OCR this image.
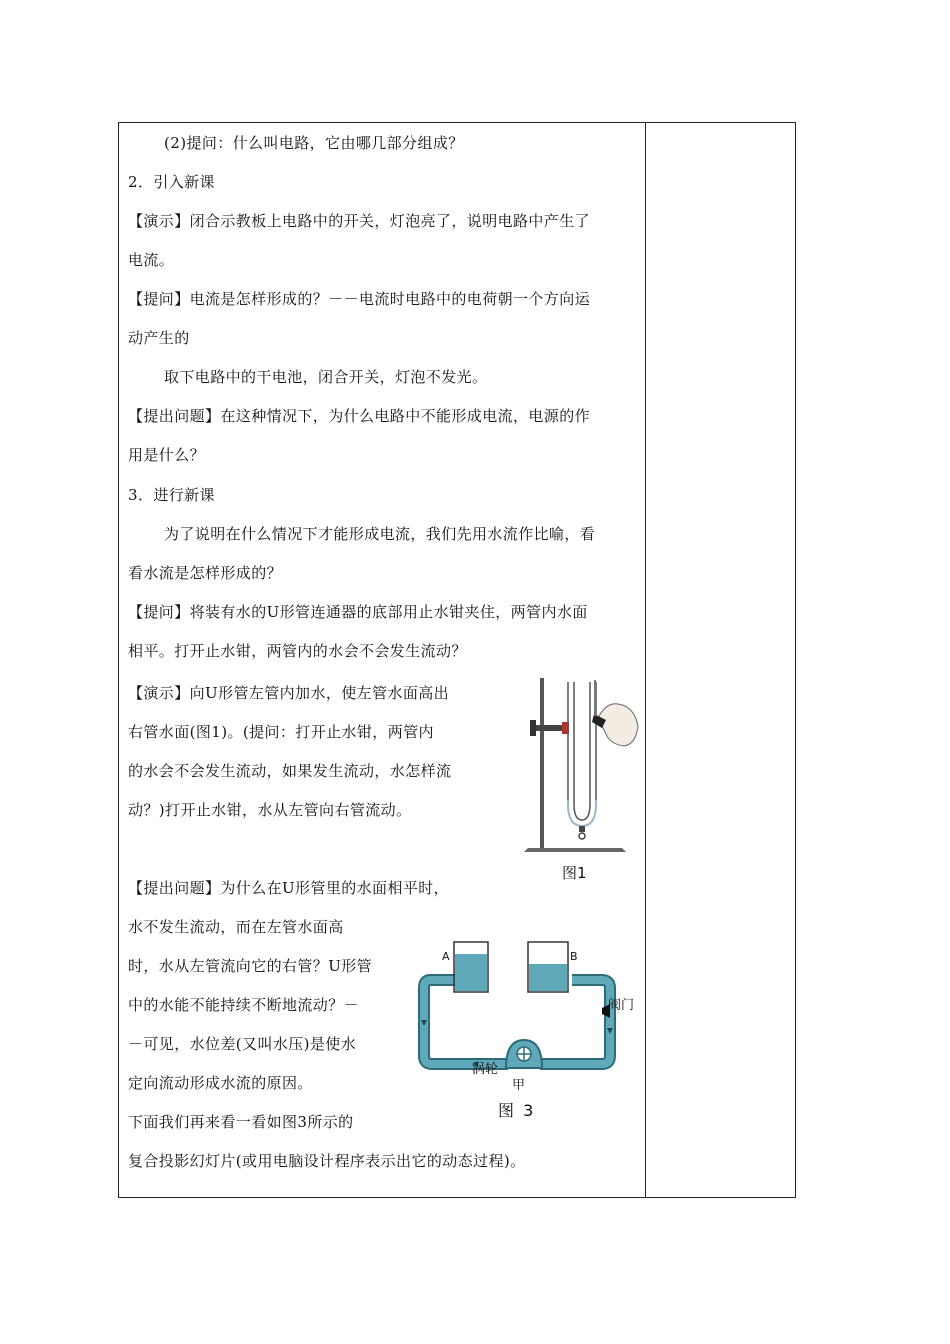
(2)提问：什么叫电路，它由哪几部分组成？
2．引入新课
【演示】闭合示教板上电路中的开关，灯泡亮了，说明电路中产生了
电流。
【提问】电流是怎样形成的？－－电流时电路中的电荷朝一个方向运
动产生的
取下电路中的干电池，闭合开关，灯泡不发光。
【提出问题】在这种情况下，为什么电路中不能形成电流，电源的作
用是什么？
3．进行新课
为了说明在什么情况下才能形成电流，我们先用水流作比喻，看
看水流是怎样形成的？
【提问】将装有水的U形管连通器的底部用止水钳夹住，两管内水面
相平。打开止水钳，两管内的水会不会发生流动？
【演示】向U形管左管内加水，使左管水面高出
右管水面(图1)。(提问：打开止水钳，两管内
的水会不会发生流动，如果发生流动，水怎样流
动？)打开止水钳，水从左管向右管流动。
【提出问题】为什么在U形管里的水面相平时，
水不发生流动，而在左管水面高
时，水从左管流向它的右管？U形管
中的水能不能持续不断地流动？－
－可见，水位差(又叫水压)是使水
定向流动形成水流的原因。
下面我们再来看一看如图3所示的
复合投影幻灯片(或用电脑设计程序表示出它的动态过程)。
图1
A	B
阀门
涡轮
甲
图 3
